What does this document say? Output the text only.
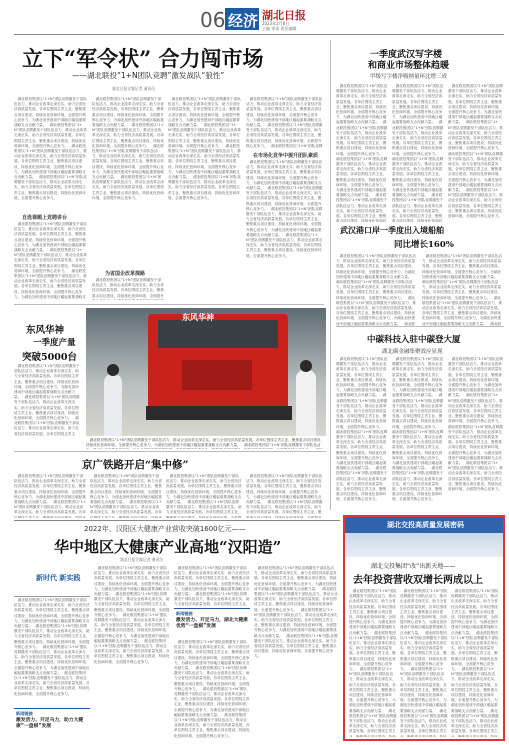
06 经济 湖北日报
2023年2月8日
主编 审读 责任编辑
立下“军令状” 合力闯市场
——湖北联投“1+N团队竞聘”激发战队“狼性”
湖北日报全媒记者 通讯员
　湖北联投集团以“1+N”团队竞聘激发干部队伍活力，推动企业改革走深走实，助力全省经济高质量发展。各单位围绕主责主业，聚焦重点项目建设，持续优化营商环境，全面提升核心竞争力，为湖北加快建成中部地区崛起重要战略支点贡献力量。　湖北联投集团以“1+N”团队竞聘激发干部队伍活力，推动企业改革走深走实，助力全省经济高质量发展。各单位围绕主责主业，聚焦重点项目建设，持续优化营商环境，全面提升核心竞争力。　湖北联投集团以“1+N”团队竞聘激发干部队伍活力，推动企业改革走深走实，助力全省经济高质量发展。各单位围绕主责主业，聚焦重点项目建设，持续优化营商环境，全面提升核心竞争力，为湖北加快建成中部地区崛起重要战略支点贡献力量。　湖北联投集团以“1+N”团队竞聘激发干部队伍活力，推动企业改革走深走实，助力全省经济高质量发展。各单位围绕主责主业，聚焦重点项目建设，持续优化营商环境，全面提升核心竞争力。
自选课题上竞聘讲台
　湖北联投集团以“1+N”团队竞聘激发干部队伍活力，推动企业改革走深走实，助力全省经济高质量发展。各单位围绕主责主业，聚焦重点项目建设，持续优化营商环境，全面提升核心竞争力，为湖北加快建成中部地区崛起重要战略支点贡献力量。　湖北联投集团以“1+N”团队竞聘激发干部队伍活力，推动企业改革走深走实，助力全省经济高质量发展。各单位围绕主责主业，聚焦重点项目建设，持续优化营商环境，全面提升核心竞争力。　湖北联投集团以“1+N”团队竞聘激发干部队伍活力，推动企业改革走深走实，助力全省经济高质量发展。各单位围绕主责主业，聚焦重点项目建设，持续优化营商环境，全面提升核心竞争力，为湖北加快建成中部地区崛起重要战略支点贡献力量。　湖北联投集团以“1+N”团队竞聘激发干部队伍活力，推动企业改革走深走实，助力全省经济高质量发展。各单位围绕主责主业，聚焦重点项目建设，持续优化营商环境，全面提升核心竞争力。
　湖北联投集团以“1+N”团队竞聘激发干部队伍活力，推动企业改革走深走实，助力全省经济高质量发展。各单位围绕主责主业，聚焦重点项目建设，持续优化营商环境，全面提升核心竞争力，为湖北加快建成中部地区崛起重要战略支点贡献力量。　湖北联投集团以“1+N”团队竞聘激发干部队伍活力，推动企业改革走深走实，助力全省经济高质量发展。各单位围绕主责主业，聚焦重点项目建设，持续优化营商环境，全面提升核心竞争力。　湖北联投集团以“1+N”团队竞聘激发干部队伍活力，推动企业改革走深走实，助力全省经济高质量发展。各单位围绕主责主业，聚焦重点项目建设，持续优化营商环境，全面提升核心竞争力，为湖北加快建成中部地区崛起重要战略支点贡献力量。　湖北联投集团以“1+N”团队竞聘激发干部队伍活力，推动企业改革走深走实，助力全省经济高质量发展。各单位围绕主责主业，聚焦重点项目建设，持续优化营商环境，全面提升核心竞争力。
为省国企改革探路
　湖北联投集团以“1+N”团队竞聘激发干部队伍活力，推动企业改革走深走实，助力全省经济高质量发展。各单位围绕主责主业，聚焦重点项目建设，持续优化营商环境，全面提升核心竞争力，为湖北加快建成中部地区崛起重要战略支点贡献力量。　湖北联投集团以“1+N”团队竞聘激发干部队伍活力，推动企业改革走深走实，助力全省经济高质量发展。各单位围绕主责主业，聚焦重点项目建设，持续优化营商环境，全面提升核心竞争力。　湖北联投集团以“1+N”团队竞聘激发干部队伍活力，推动企业改革走深走实，助力全省经济高质量发展。各单位围绕主责主业，聚焦重点项目建设，持续优化营商环境，全面提升核心竞争力，为湖北加快建成中部地区崛起重要战略支点贡献力量。　湖北联投集团以“1+N”团队竞聘激发干部队伍活力，推动企业改革走深走实，助力全省经济高质量发展。各单位围绕主责主业，聚焦重点项目建设，持续优化营商环境，全面提升核心竞争力。
　湖北联投集团以“1+N”团队竞聘激发干部队伍活力，推动企业改革走深走实，助力全省经济高质量发展。各单位围绕主责主业，聚焦重点项目建设，持续优化营商环境，全面提升核心竞争力，为湖北加快建成中部地区崛起重要战略支点贡献力量。　湖北联投集团以“1+N”团队竞聘激发干部队伍活力，推动企业改革走深走实，助力全省经济高质量发展。各单位围绕主责主业，聚焦重点项目建设，持续优化营商环境，全面提升核心竞争力。　湖北联投集团以“1+N”团队竞聘激发干部队伍活力，推动企业改革走深走实，助力全省经济高质量发展。各单位围绕主责主业，聚焦重点项目建设，持续优化营商环境，全面提升核心竞争力，为湖北加快建成中部地区崛起重要战略支点贡献力量。　湖北联投集团以“1+N”团队竞聘激发干部队伍活力，推动企业改革走深走实，助力全省经济高质量发展。各单位围绕主责主业，聚焦重点项目建设，持续优化营商环境，全面提升核心竞争力。
　湖北联投集团以“1+N”团队竞聘激发干部队伍活力，推动企业改革走深走实，助力全省经济高质量发展。各单位围绕主责主业，聚焦重点项目建设，持续优化营商环境，全面提升核心竞争力，为湖北加快建成中部地区崛起重要战略支点贡献力量。　湖北联投集团以“1+N”团队竞聘激发干部队伍活力，推动企业改革走深走实，助力全省经济高质量发展。各单位围绕主责主业，聚焦重点项目建设，持续优化营商环境，全面提升核心竞争力。　湖北联投集团以“1+N”团队竞聘激发干部队伍活力，推动企业改革走深走实，助力全省经济高质量发展。各单位围绕主责主业，聚焦重点项目建设，持续优化营商环境，全面提升核心竞争力，为湖北加快建成中部地区崛起重要战略支点贡献力量。　湖北联投集团以“1+N”团队竞聘激发干部队伍活力，推动企业改革走深走实，助力全省经济高质量发展。各单位围绕主责主业，聚焦重点项目建设，持续优化营商环境，全面提升核心竞争力。
在市场化竞争中提升团队素质
　湖北联投集团以“1+N”团队竞聘激发干部队伍活力，推动企业改革走深走实，助力全省经济高质量发展。各单位围绕主责主业，聚焦重点项目建设，持续优化营商环境，全面提升核心竞争力，为湖北加快建成中部地区崛起重要战略支点贡献力量。　湖北联投集团以“1+N”团队竞聘激发干部队伍活力，推动企业改革走深走实，助力全省经济高质量发展。各单位围绕主责主业，聚焦重点项目建设，持续优化营商环境，全面提升核心竞争力。　湖北联投集团以“1+N”团队竞聘激发干部队伍活力，推动企业改革走深走实，助力全省经济高质量发展。各单位围绕主责主业，聚焦重点项目建设，持续优化营商环境，全面提升核心竞争力，为湖北加快建成中部地区崛起重要战略支点贡献力量。　湖北联投集团以“1+N”团队竞聘激发干部队伍活力，推动企业改革走深走实，助力全省经济高质量发展。各单位围绕主责主业，聚焦重点项目建设，持续优化营商环境，全面提升核心竞争力。
一季度武汉写字楼
和商业市场整体趋暖
甲级写字楼净吸纳量环比增三成
　湖北联投集团以“1+N”团队竞聘激发干部队伍活力，推动企业改革走深走实，助力全省经济高质量发展。各单位围绕主责主业，聚焦重点项目建设，持续优化营商环境，全面提升核心竞争力，为湖北加快建成中部地区崛起重要战略支点贡献力量。　湖北联投集团以“1+N”团队竞聘激发干部队伍活力，推动企业改革走深走实，助力全省经济高质量发展。各单位围绕主责主业，聚焦重点项目建设，持续优化营商环境，全面提升核心竞争力。　湖北联投集团以“1+N”团队竞聘激发干部队伍活力，推动企业改革走深走实，助力全省经济高质量发展。各单位围绕主责主业，聚焦重点项目建设，持续优化营商环境，全面提升核心竞争力，为湖北加快建成中部地区崛起重要战略支点贡献力量。　湖北联投集团以“1+N”团队竞聘激发干部队伍活力，推动企业改革走深走实，助力全省经济高质量发展。各单位围绕主责主业，聚焦重点项目建设，持续优化营商环境，全面提升核心竞争力。
　湖北联投集团以“1+N”团队竞聘激发干部队伍活力，推动企业改革走深走实，助力全省经济高质量发展。各单位围绕主责主业，聚焦重点项目建设，持续优化营商环境，全面提升核心竞争力，为湖北加快建成中部地区崛起重要战略支点贡献力量。　湖北联投集团以“1+N”团队竞聘激发干部队伍活力，推动企业改革走深走实，助力全省经济高质量发展。各单位围绕主责主业，聚焦重点项目建设，持续优化营商环境，全面提升核心竞争力。　湖北联投集团以“1+N”团队竞聘激发干部队伍活力，推动企业改革走深走实，助力全省经济高质量发展。各单位围绕主责主业，聚焦重点项目建设，持续优化营商环境，全面提升核心竞争力，为湖北加快建成中部地区崛起重要战略支点贡献力量。　湖北联投集团以“1+N”团队竞聘激发干部队伍活力，推动企业改革走深走实，助力全省经济高质量发展。各单位围绕主责主业，聚焦重点项目建设，持续优化营商环境，全面提升核心竞争力。
　湖北联投集团以“1+N”团队竞聘激发干部队伍活力，推动企业改革走深走实，助力全省经济高质量发展。各单位围绕主责主业，聚焦重点项目建设，持续优化营商环境，全面提升核心竞争力，为湖北加快建成中部地区崛起重要战略支点贡献力量。　湖北联投集团以“1+N”团队竞聘激发干部队伍活力，推动企业改革走深走实，助力全省经济高质量发展。各单位围绕主责主业，聚焦重点项目建设，持续优化营商环境，全面提升核心竞争力。　湖北联投集团以“1+N”团队竞聘激发干部队伍活力，推动企业改革走深走实，助力全省经济高质量发展。各单位围绕主责主业，聚焦重点项目建设，持续优化营商环境，全面提升核心竞争力，为湖北加快建成中部地区崛起重要战略支点贡献力量。　湖北联投集团以“1+N”团队竞聘激发干部队伍活力，推动企业改革走深走实，助力全省经济高质量发展。各单位围绕主责主业，聚焦重点项目建设，持续优化营商环境，全面提升核心竞争力。
武汉港口岸一季度出入境船舶
同比增长160%
　湖北联投集团以“1+N”团队竞聘激发干部队伍活力，推动企业改革走深走实，助力全省经济高质量发展。各单位围绕主责主业，聚焦重点项目建设，持续优化营商环境，全面提升核心竞争力，为湖北加快建成中部地区崛起重要战略支点贡献力量。　湖北联投集团以“1+N”团队竞聘激发干部队伍活力，推动企业改革走深走实，助力全省经济高质量发展。各单位围绕主责主业，聚焦重点项目建设，持续优化营商环境，全面提升核心竞争力。　湖北联投集团以“1+N”团队竞聘激发干部队伍活力，推动企业改革走深走实，助力全省经济高质量发展。各单位围绕主责主业，聚焦重点项目建设，持续优化营商环境，全面提升核心竞争力，为湖北加快建成中部地区崛起重要战略支点贡献力量。　湖北联投集团以“1+N”团队竞聘激发干部队伍活力，推动企业改革走深走实，助力全省经济高质量发展。各单位围绕主责主业，聚焦重点项目建设，持续优化营商环境，全面提升核心竞争力。
　湖北联投集团以“1+N”团队竞聘激发干部队伍活力，推动企业改革走深走实，助力全省经济高质量发展。各单位围绕主责主业，聚焦重点项目建设，持续优化营商环境，全面提升核心竞争力，为湖北加快建成中部地区崛起重要战略支点贡献力量。　湖北联投集团以“1+N”团队竞聘激发干部队伍活力，推动企业改革走深走实，助力全省经济高质量发展。各单位围绕主责主业，聚焦重点项目建设，持续优化营商环境，全面提升核心竞争力。　湖北联投集团以“1+N”团队竞聘激发干部队伍活力，推动企业改革走深走实，助力全省经济高质量发展。各单位围绕主责主业，聚焦重点项目建设，持续优化营商环境，全面提升核心竞争力，为湖北加快建成中部地区崛起重要战略支点贡献力量。　湖北联投集团以“1+N”团队竞聘激发干部队伍活力，推动企业改革走深走实，助力全省经济高质量发展。各单位围绕主责主业，聚焦重点项目建设，持续优化营商环境，全面提升核心竞争力。
中碳科技入驻中碳登大厦
湖北碳金融集聚效应显现
　湖北联投集团以“1+N”团队竞聘激发干部队伍活力，推动企业改革走深走实，助力全省经济高质量发展。各单位围绕主责主业，聚焦重点项目建设，持续优化营商环境，全面提升核心竞争力，为湖北加快建成中部地区崛起重要战略支点贡献力量。　湖北联投集团以“1+N”团队竞聘激发干部队伍活力，推动企业改革走深走实，助力全省经济高质量发展。各单位围绕主责主业，聚焦重点项目建设，持续优化营商环境，全面提升核心竞争力。　湖北联投集团以“1+N”团队竞聘激发干部队伍活力，推动企业改革走深走实，助力全省经济高质量发展。各单位围绕主责主业，聚焦重点项目建设，持续优化营商环境，全面提升核心竞争力，为湖北加快建成中部地区崛起重要战略支点贡献力量。　湖北联投集团以“1+N”团队竞聘激发干部队伍活力，推动企业改革走深走实，助力全省经济高质量发展。各单位围绕主责主业，聚焦重点项目建设，持续优化营商环境，全面提升核心竞争力。
　湖北联投集团以“1+N”团队竞聘激发干部队伍活力，推动企业改革走深走实，助力全省经济高质量发展。各单位围绕主责主业，聚焦重点项目建设，持续优化营商环境，全面提升核心竞争力，为湖北加快建成中部地区崛起重要战略支点贡献力量。　湖北联投集团以“1+N”团队竞聘激发干部队伍活力，推动企业改革走深走实，助力全省经济高质量发展。各单位围绕主责主业，聚焦重点项目建设，持续优化营商环境，全面提升核心竞争力。　湖北联投集团以“1+N”团队竞聘激发干部队伍活力，推动企业改革走深走实，助力全省经济高质量发展。各单位围绕主责主业，聚焦重点项目建设，持续优化营商环境，全面提升核心竞争力，为湖北加快建成中部地区崛起重要战略支点贡献力量。　湖北联投集团以“1+N”团队竞聘激发干部队伍活力，推动企业改革走深走实，助力全省经济高质量发展。各单位围绕主责主业，聚焦重点项目建设，持续优化营商环境，全面提升核心竞争力。
　湖北联投集团以“1+N”团队竞聘激发干部队伍活力，推动企业改革走深走实，助力全省经济高质量发展。各单位围绕主责主业，聚焦重点项目建设，持续优化营商环境，全面提升核心竞争力，为湖北加快建成中部地区崛起重要战略支点贡献力量。　湖北联投集团以“1+N”团队竞聘激发干部队伍活力，推动企业改革走深走实，助力全省经济高质量发展。各单位围绕主责主业，聚焦重点项目建设，持续优化营商环境，全面提升核心竞争力。　湖北联投集团以“1+N”团队竞聘激发干部队伍活力，推动企业改革走深走实，助力全省经济高质量发展。各单位围绕主责主业，聚焦重点项目建设，持续优化营商环境，全面提升核心竞争力，为湖北加快建成中部地区崛起重要战略支点贡献力量。　湖北联投集团以“1+N”团队竞聘激发干部队伍活力，推动企业改革走深走实，助力全省经济高质量发展。各单位围绕主责主业，聚焦重点项目建设，持续优化营商环境，全面提升核心竞争力。
东风华神
一季度产量
突破5000台
　湖北联投集团以“1+N”团队竞聘激发干部队伍活力，推动企业改革走深走实，助力全省经济高质量发展。各单位围绕主责主业，聚焦重点项目建设，持续优化营商环境，全面提升核心竞争力，为湖北加快建成中部地区崛起重要战略支点贡献力量。　湖北联投集团以“1+N”团队竞聘激发干部队伍活力，推动企业改革走深走实，助力全省经济高质量发展。各单位围绕主责主业，聚焦重点项目建设，持续优化营商环境，全面提升核心竞争力。　湖北联投集团以“1+N”团队竞聘激发干部队伍活力，推动企业改革走深走实，助力全省经济高质量发展。各单位围绕主责主业，聚焦重点项目建设，持续优化营商环境，全面提升核心竞争力，为湖北加快建成中部地区崛起重要战略支点贡献力量。　湖北联投集团以“1+N”团队竞聘激发干部队伍活力，推动企业改革走深走实，助力全省经济高质量发展。各单位围绕主责主业，聚焦重点项目建设，持续优化营商环境，全面提升核心竞争力。
东风华神
　湖北联投集团以“1+N”团队竞聘激发干部队伍活力，推动企业改革走深走实，助力全省经济高质量发展。各单位围绕主责主业，聚焦重点项目建设，持续优化营商环境，全面提升核心竞争力，为湖北加快建成中部地区崛起重要战略支点贡献力量。　湖北联投集团以“1+N”团队竞聘激发干部队伍活力，推动企业改革走深走实，助力全省经济高质量发展。各单位围绕主责主业，聚焦重点项目建设，持续优化营商环境，全面提升核心竞争力。　湖北联投集团以“1+N”团队竞聘激发干部队伍活力，推动企业改革走深走实，助力全省经济高质量发展。各单位围绕主责主业，聚焦重点项目建设，持续优化营商环境，全面提升核心竞争力，为湖北加快建成中部地区崛起重要战略支点贡献力量。　湖北联投集团以“1+N”团队竞聘激发干部队伍活力，推动企业改革走深走实，助力全省经济高质量发展。各单位围绕主责主业，聚焦重点项目建设，持续优化营商环境，全面提升核心竞争力。
京广铁路开启“集中修”
　湖北联投集团以“1+N”团队竞聘激发干部队伍活力，推动企业改革走深走实，助力全省经济高质量发展。各单位围绕主责主业，聚焦重点项目建设，持续优化营商环境，全面提升核心竞争力，为湖北加快建成中部地区崛起重要战略支点贡献力量。　湖北联投集团以“1+N”团队竞聘激发干部队伍活力，推动企业改革走深走实，助力全省经济高质量发展。各单位围绕主责主业，聚焦重点项目建设，持续优化营商环境，全面提升核心竞争力。　湖北联投集团以“1+N”团队竞聘激发干部队伍活力，推动企业改革走深走实，助力全省经济高质量发展。各单位围绕主责主业，聚焦重点项目建设，持续优化营商环境，全面提升核心竞争力，为湖北加快建成中部地区崛起重要战略支点贡献力量。　湖北联投集团以“1+N”团队竞聘激发干部队伍活力，推动企业改革走深走实，助力全省经济高质量发展。各单位围绕主责主业，聚焦重点项目建设，持续优化营商环境，全面提升核心竞争力。
　湖北联投集团以“1+N”团队竞聘激发干部队伍活力，推动企业改革走深走实，助力全省经济高质量发展。各单位围绕主责主业，聚焦重点项目建设，持续优化营商环境，全面提升核心竞争力，为湖北加快建成中部地区崛起重要战略支点贡献力量。　湖北联投集团以“1+N”团队竞聘激发干部队伍活力，推动企业改革走深走实，助力全省经济高质量发展。各单位围绕主责主业，聚焦重点项目建设，持续优化营商环境，全面提升核心竞争力。　湖北联投集团以“1+N”团队竞聘激发干部队伍活力，推动企业改革走深走实，助力全省经济高质量发展。各单位围绕主责主业，聚焦重点项目建设，持续优化营商环境，全面提升核心竞争力，为湖北加快建成中部地区崛起重要战略支点贡献力量。　湖北联投集团以“1+N”团队竞聘激发干部队伍活力，推动企业改革走深走实，助力全省经济高质量发展。各单位围绕主责主业，聚焦重点项目建设，持续优化营商环境，全面提升核心竞争力。
　湖北联投集团以“1+N”团队竞聘激发干部队伍活力，推动企业改革走深走实，助力全省经济高质量发展。各单位围绕主责主业，聚焦重点项目建设，持续优化营商环境，全面提升核心竞争力，为湖北加快建成中部地区崛起重要战略支点贡献力量。　湖北联投集团以“1+N”团队竞聘激发干部队伍活力，推动企业改革走深走实，助力全省经济高质量发展。各单位围绕主责主业，聚焦重点项目建设，持续优化营商环境，全面提升核心竞争力。　湖北联投集团以“1+N”团队竞聘激发干部队伍活力，推动企业改革走深走实，助力全省经济高质量发展。各单位围绕主责主业，聚焦重点项目建设，持续优化营商环境，全面提升核心竞争力，为湖北加快建成中部地区崛起重要战略支点贡献力量。　湖北联投集团以“1+N”团队竞聘激发干部队伍活力，推动企业改革走深走实，助力全省经济高质量发展。各单位围绕主责主业，聚焦重点项目建设，持续优化营商环境，全面提升核心竞争力。
　湖北联投集团以“1+N”团队竞聘激发干部队伍活力，推动企业改革走深走实，助力全省经济高质量发展。各单位围绕主责主业，聚焦重点项目建设，持续优化营商环境，全面提升核心竞争力，为湖北加快建成中部地区崛起重要战略支点贡献力量。　湖北联投集团以“1+N”团队竞聘激发干部队伍活力，推动企业改革走深走实，助力全省经济高质量发展。各单位围绕主责主业，聚焦重点项目建设，持续优化营商环境，全面提升核心竞争力。　湖北联投集团以“1+N”团队竞聘激发干部队伍活力，推动企业改革走深走实，助力全省经济高质量发展。各单位围绕主责主业，聚焦重点项目建设，持续优化营商环境，全面提升核心竞争力，为湖北加快建成中部地区崛起重要战略支点贡献力量。　湖北联投集团以“1+N”团队竞聘激发干部队伍活力，推动企业改革走深走实，助力全省经济高质量发展。各单位围绕主责主业，聚焦重点项目建设，持续优化营商环境，全面提升核心竞争力。
2022年，汉阳区大健康产业营收突破1600亿元——
华中地区大健康产业高地“汉阳造”
湖北日报全媒记者 通讯员
新时代 新实践
　湖北联投集团以“1+N”团队竞聘激发干部队伍活力，推动企业改革走深走实，助力全省经济高质量发展。各单位围绕主责主业，聚焦重点项目建设，持续优化营商环境，全面提升核心竞争力，为湖北加快建成中部地区崛起重要战略支点贡献力量。　湖北联投集团以“1+N”团队竞聘激发干部队伍活力，推动企业改革走深走实，助力全省经济高质量发展。各单位围绕主责主业，聚焦重点项目建设，持续优化营商环境，全面提升核心竞争力。　湖北联投集团以“1+N”团队竞聘激发干部队伍活力，推动企业改革走深走实，助力全省经济高质量发展。各单位围绕主责主业，聚焦重点项目建设，持续优化营商环境，全面提升核心竞争力，为湖北加快建成中部地区崛起重要战略支点贡献力量。　湖北联投集团以“1+N”团队竞聘激发干部队伍活力，推动企业改革走深走实，助力全省经济高质量发展。各单位围绕主责主业，聚焦重点项目建设，持续优化营商环境，全面提升核心竞争力。
　湖北联投集团以“1+N”团队竞聘激发干部队伍活力，推动企业改革走深走实，助力全省经济高质量发展。各单位围绕主责主业，聚焦重点项目建设，持续优化营商环境，全面提升核心竞争力，为湖北加快建成中部地区崛起重要战略支点贡献力量。　湖北联投集团以“1+N”团队竞聘激发干部队伍活力，推动企业改革走深走实，助力全省经济高质量发展。各单位围绕主责主业，聚焦重点项目建设，持续优化营商环境，全面提升核心竞争力。　湖北联投集团以“1+N”团队竞聘激发干部队伍活力，推动企业改革走深走实，助力全省经济高质量发展。各单位围绕主责主业，聚焦重点项目建设，持续优化营商环境，全面提升核心竞争力，为湖北加快建成中部地区崛起重要战略支点贡献力量。　湖北联投集团以“1+N”团队竞聘激发干部队伍活力，推动企业改革走深走实，助力全省经济高质量发展。各单位围绕主责主业，聚焦重点项目建设，持续优化营商环境，全面提升核心竞争力。
　湖北联投集团以“1+N”团队竞聘激发干部队伍活力，推动企业改革走深走实，助力全省经济高质量发展。各单位围绕主责主业，聚焦重点项目建设，持续优化营商环境，全面提升核心竞争力，为湖北加快建成中部地区崛起重要战略支点贡献力量。　湖北联投集团以“1+N”团队竞聘激发干部队伍活力，推动企业改革走深走实，助力全省经济高质量发展。各单位围绕主责主业，聚焦重点项目建设，持续优化营商环境，全面提升核心竞争力。　湖北联投集团以“1+N”团队竞聘激发干部队伍活力，推动企业改革走深走实，助力全省经济高质量发展。各单位围绕主责主业，聚焦重点项目建设，持续优化营商环境，全面提升核心竞争力，为湖北加快建成中部地区崛起重要战略支点贡献力量。　湖北联投集团以“1+N”团队竞聘激发干部队伍活力，推动企业改革走深走实，助力全省经济高质量发展。各单位围绕主责主业，聚焦重点项目建设，持续优化营商环境，全面提升核心竞争力。
新闻链接
激发活力、开足马力，湖北大健康优势“一盘棋”发展
　湖北联投集团以“1+N”团队竞聘激发干部队伍活力，推动企业改革走深走实，助力全省经济高质量发展。各单位围绕主责主业，聚焦重点项目建设，持续优化营商环境，全面提升核心竞争力，为湖北加快建成中部地区崛起重要战略支点贡献力量。　湖北联投集团以“1+N”团队竞聘激发干部队伍活力，推动企业改革走深走实，助力全省经济高质量发展。各单位围绕主责主业，聚焦重点项目建设，持续优化营商环境，全面提升核心竞争力。　湖北联投集团以“1+N”团队竞聘激发干部队伍活力，推动企业改革走深走实，助力全省经济高质量发展。各单位围绕主责主业，聚焦重点项目建设，持续优化营商环境，全面提升核心竞争力，为湖北加快建成中部地区崛起重要战略支点贡献力量。　湖北联投集团以“1+N”团队竞聘激发干部队伍活力，推动企业改革走深走实，助力全省经济高质量发展。各单位围绕主责主业，聚焦重点项目建设，持续优化营商环境，全面提升核心竞争力。
　湖北联投集团以“1+N”团队竞聘激发干部队伍活力，推动企业改革走深走实，助力全省经济高质量发展。各单位围绕主责主业，聚焦重点项目建设，持续优化营商环境，全面提升核心竞争力，为湖北加快建成中部地区崛起重要战略支点贡献力量。　湖北联投集团以“1+N”团队竞聘激发干部队伍活力，推动企业改革走深走实，助力全省经济高质量发展。各单位围绕主责主业，聚焦重点项目建设，持续优化营商环境，全面提升核心竞争力。　湖北联投集团以“1+N”团队竞聘激发干部队伍活力，推动企业改革走深走实，助力全省经济高质量发展。各单位围绕主责主业，聚焦重点项目建设，持续优化营商环境，全面提升核心竞争力，为湖北加快建成中部地区崛起重要战略支点贡献力量。　湖北联投集团以“1+N”团队竞聘激发干部队伍活力，推动企业改革走深走实，助力全省经济高质量发展。各单位围绕主责主业，聚焦重点项目建设，持续优化营商环境，全面提升核心竞争力。
新闻链接
激发活力、开足马力，助力大健康“一盘棋”发展
湖北交投高质量发展密码
湖北交投集团“改”出新天地——
去年投资营收双增长两成以上
　湖北联投集团以“1+N”团队竞聘激发干部队伍活力，推动企业改革走深走实，助力全省经济高质量发展。各单位围绕主责主业，聚焦重点项目建设，持续优化营商环境，全面提升核心竞争力，为湖北加快建成中部地区崛起重要战略支点贡献力量。　湖北联投集团以“1+N”团队竞聘激发干部队伍活力，推动企业改革走深走实，助力全省经济高质量发展。各单位围绕主责主业，聚焦重点项目建设，持续优化营商环境，全面提升核心竞争力。　湖北联投集团以“1+N”团队竞聘激发干部队伍活力，推动企业改革走深走实，助力全省经济高质量发展。各单位围绕主责主业，聚焦重点项目建设，持续优化营商环境，全面提升核心竞争力，为湖北加快建成中部地区崛起重要战略支点贡献力量。　湖北联投集团以“1+N”团队竞聘激发干部队伍活力，推动企业改革走深走实，助力全省经济高质量发展。各单位围绕主责主业，聚焦重点项目建设，持续优化营商环境，全面提升核心竞争力。
　湖北联投集团以“1+N”团队竞聘激发干部队伍活力，推动企业改革走深走实，助力全省经济高质量发展。各单位围绕主责主业，聚焦重点项目建设，持续优化营商环境，全面提升核心竞争力，为湖北加快建成中部地区崛起重要战略支点贡献力量。　湖北联投集团以“1+N”团队竞聘激发干部队伍活力，推动企业改革走深走实，助力全省经济高质量发展。各单位围绕主责主业，聚焦重点项目建设，持续优化营商环境，全面提升核心竞争力。　湖北联投集团以“1+N”团队竞聘激发干部队伍活力，推动企业改革走深走实，助力全省经济高质量发展。各单位围绕主责主业，聚焦重点项目建设，持续优化营商环境，全面提升核心竞争力，为湖北加快建成中部地区崛起重要战略支点贡献力量。　湖北联投集团以“1+N”团队竞聘激发干部队伍活力，推动企业改革走深走实，助力全省经济高质量发展。各单位围绕主责主业，聚焦重点项目建设，持续优化营商环境，全面提升核心竞争力。
　湖北联投集团以“1+N”团队竞聘激发干部队伍活力，推动企业改革走深走实，助力全省经济高质量发展。各单位围绕主责主业，聚焦重点项目建设，持续优化营商环境，全面提升核心竞争力，为湖北加快建成中部地区崛起重要战略支点贡献力量。　湖北联投集团以“1+N”团队竞聘激发干部队伍活力，推动企业改革走深走实，助力全省经济高质量发展。各单位围绕主责主业，聚焦重点项目建设，持续优化营商环境，全面提升核心竞争力。　湖北联投集团以“1+N”团队竞聘激发干部队伍活力，推动企业改革走深走实，助力全省经济高质量发展。各单位围绕主责主业，聚焦重点项目建设，持续优化营商环境，全面提升核心竞争力，为湖北加快建成中部地区崛起重要战略支点贡献力量。　湖北联投集团以“1+N”团队竞聘激发干部队伍活力，推动企业改革走深走实，助力全省经济高质量发展。各单位围绕主责主业，聚焦重点项目建设，持续优化营商环境，全面提升核心竞争力。
